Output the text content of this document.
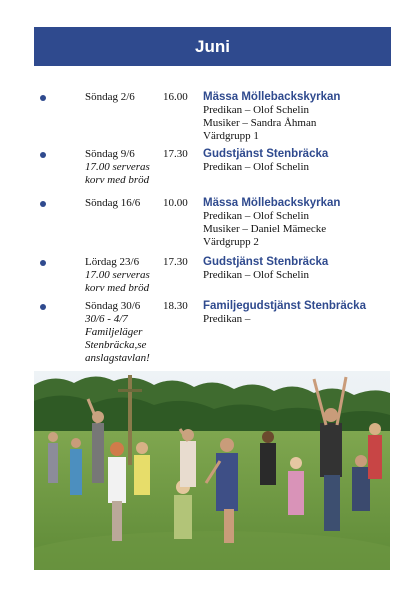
Juni
Söndag 2/6	16.00 Mässa Möllebackskyrkan
Predikan – Olof Schelin
Musiker – Sandra Åhman
Värdgrupp 1
Söndag 9/6
17.00 serveras
korv med bröd
17.30 Gudstjänst Stenbräcka
Predikan – Olof Schelin
Söndag 16/6	10.00 Mässa Möllebackskyrkan
Predikan – Olof Schelin
Musiker – Daniel Mämecke
Värdgrupp 2
Lördag 23/6
17.00 serveras
korv med bröd
17.30 Gudstjänst Stenbräcka
Predikan – Olof Schelin
Söndag 30/6
30/6 - 4/7
Familjeläger
Stenbräcka,se
anslagstavlan!
18.30 Familjegudstjänst Stenbräcka
Predikan –
